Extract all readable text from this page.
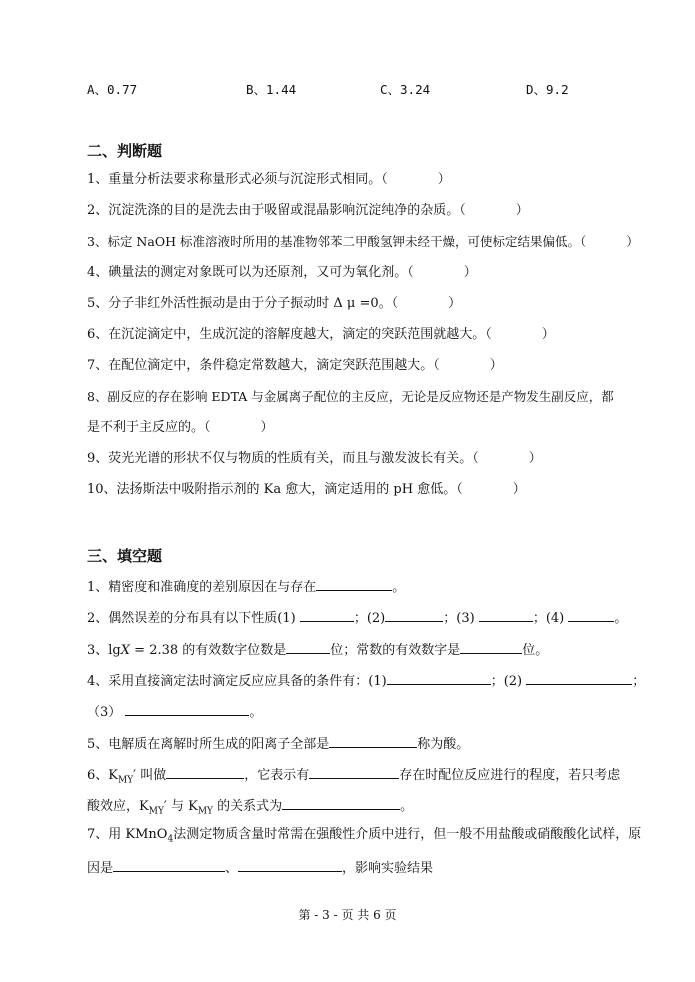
A、0.77	B、1.44	C、3.24	D、9.2
二、判断题
1、重量分析法要求称量形式必须与沉淀形式相同。（	）
2、沉淀洗涤的目的是洗去由于吸留或混晶影响沉淀纯净的杂质。（	）
3、标定 NaOH 标准溶液时所用的基准物邻苯二甲酸氢钾未经干燥，可使标定结果偏低。（	）
4、碘量法的测定对象既可以为还原剂，又可为氧化剂。（	）
5、分子非红外活性振动是由于分子振动时 Δ μ =0。（	）
6、在沉淀滴定中，生成沉淀的溶解度越大，滴定的突跃范围就越大。（	）
7、在配位滴定中，条件稳定常数越大，滴定突跃范围越大。（	）
8、副反应的存在影响 EDTA 与金属离子配位的主反应，无论是反应物还是产物发生副反应，都
是不利于主反应的。（	）
9、荧光光谱的形状不仅与物质的性质有关，而且与激发波长有关。（	）
10、法扬斯法中吸附指示剂的 Ka 愈大，滴定适用的 pH 愈低。（	）
三、填空题
1、精密度和准确度的差别原因在与存在	。
2、偶然误差的分布具有以下性质(1)	；(2)	；(3)	；(4)	。
3、lgX = 2.38 的有效数字位数是	位；常数的有效数字是	位。
4、采用直接滴定法时滴定反应应具备的条件有：(1)	；(2)	；
（3）	。
5、电解质在离解时所生成的阳离子全部是	称为酸。
6、$K_{MY}'$ 叫做	，它表示有	存在时配位反应进行的程度，若只考虑
酸效应，$K_{MY}'$ 与 $K_{MY}$ 的关系式为	。
7、用 KMnO$_4$法测定物质含量时常需在强酸性介质中进行，但一般不用盐酸或硝酸酸化试样，原
因是	、	，影响实验结果
第 - 3 - 页 共 6 页
